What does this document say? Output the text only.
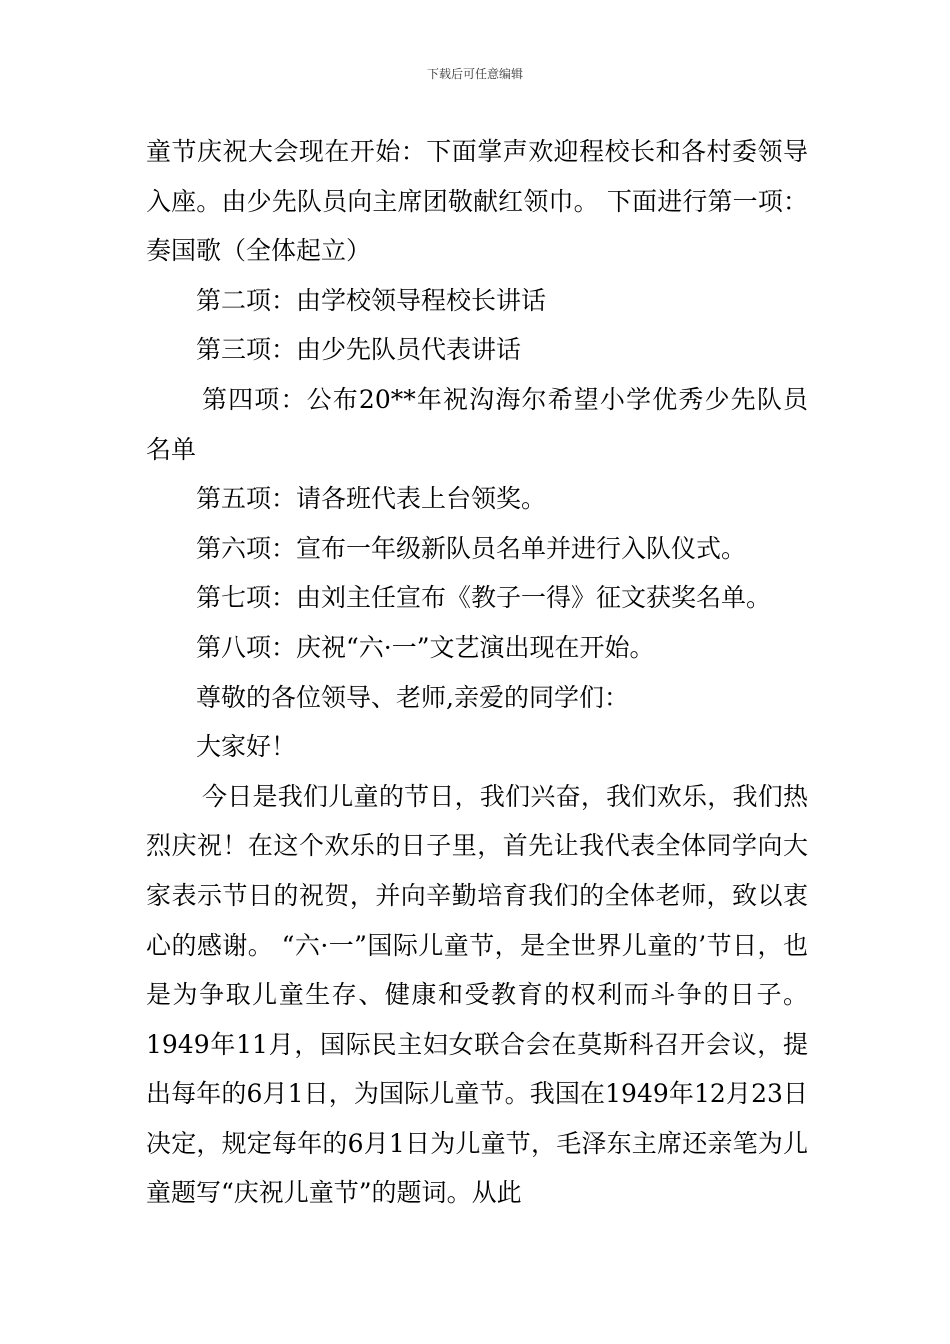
下载后可任意编辑

童节庆祝大会现在开始：下面掌声欢迎程校长和各村委领导入座。由少先队员向主席团敬献红领巾。 下面进行第一项：奏国歌（全体起立）

第二项：由学校领导程校长讲话

第三项：由少先队员代表讲话

第四项：公布20**年祝沟海尔希望小学优秀少先队员名单

第五项：请各班代表上台领奖。

第六项：宣布一年级新队员名单并进行入队仪式。

第七项：由刘主任宣布《教子一得》征文获奖名单。

第八项：庆祝“六·一”文艺演出现在开始。

尊敬的各位领导、老师,亲爱的同学们：

大家好！

今日是我们儿童的节日，我们兴奋，我们欢乐，我们热烈庆祝！在这个欢乐的日子里，首先让我代表全体同学向大家表示节日的祝贺，并向辛勤培育我们的全体老师，致以衷心的感谢。 “六·一”国际儿童节，是全世界儿童的’节日，也是为争取儿童生存、健康和受教育的权利而斗争的日子。1949年11月，国际民主妇女联合会在莫斯科召开会议，提出每年的6月1日，为国际儿童节。我国在1949年12月23日决定，规定每年的6月1日为儿童节，毛泽东主席还亲笔为儿童题写“庆祝儿童节”的题词。从此
